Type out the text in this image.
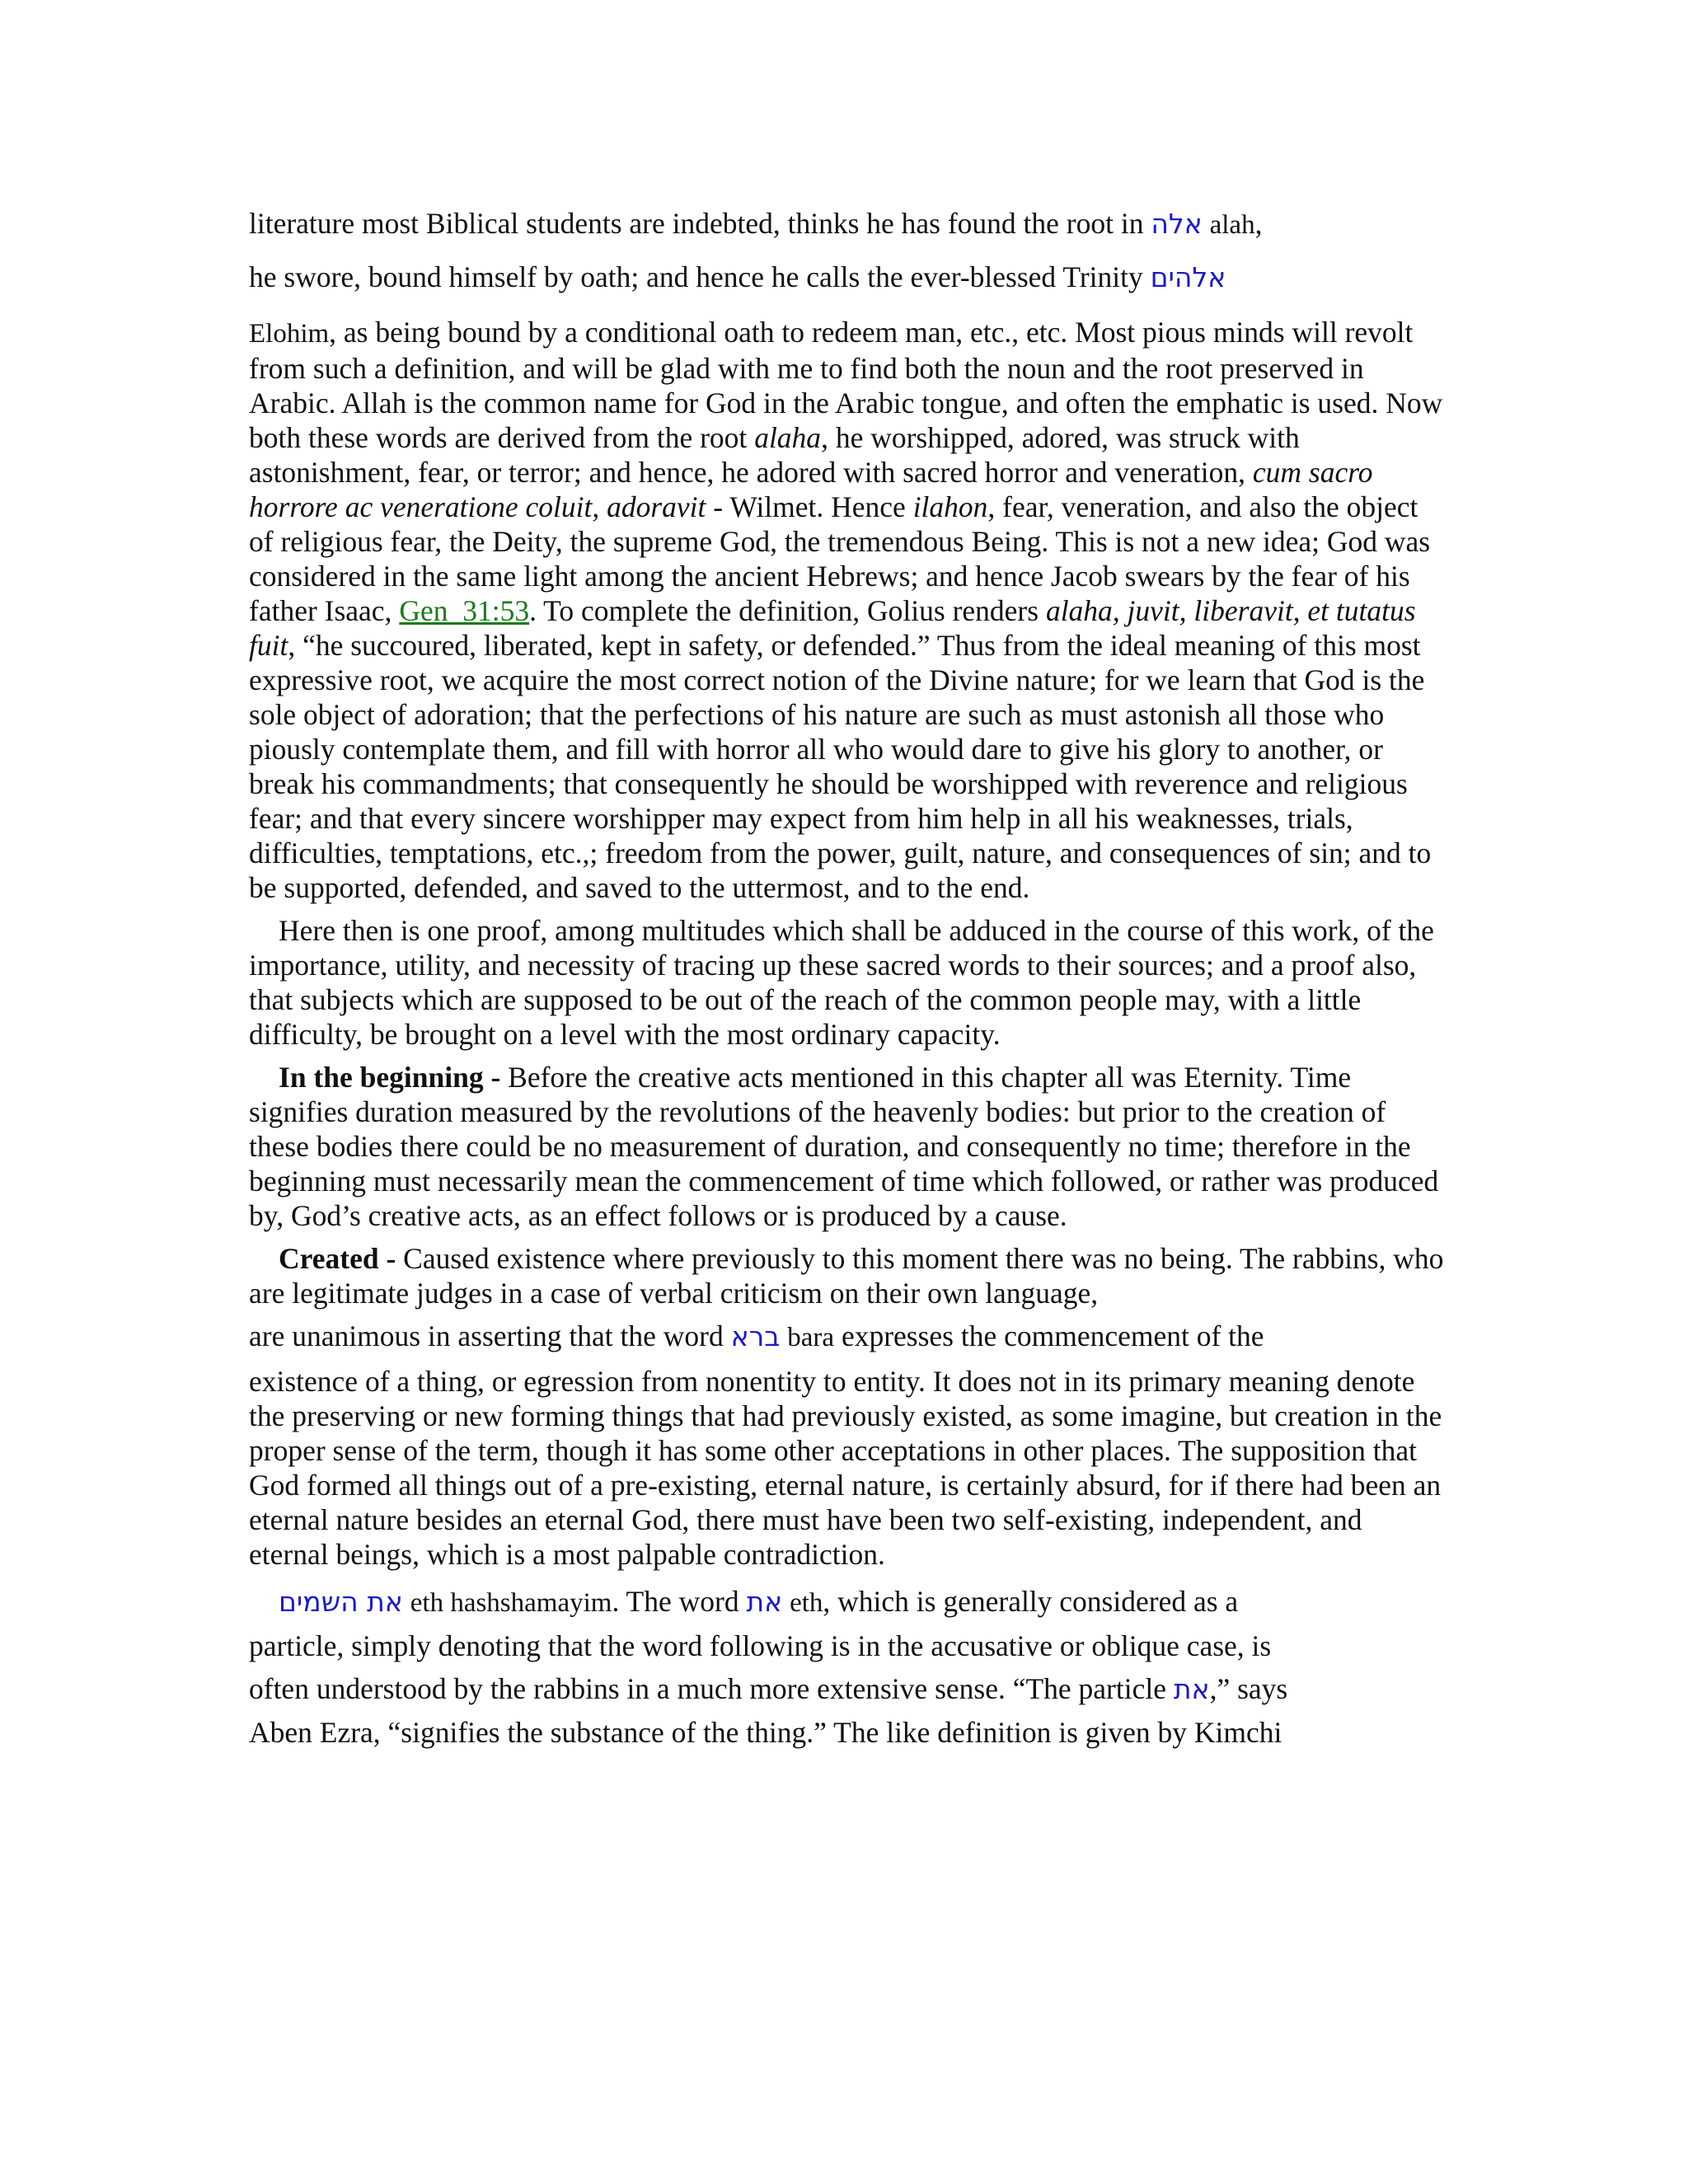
literature most Biblical students are indebted, thinks he has found the root in אלה alah,
he swore, bound himself by oath; and hence he calls the ever-blessed Trinity אלהים
Elohim, as being bound by a conditional oath to redeem man, etc., etc. Most pious minds will revolt from such a definition, and will be glad with me to find both the noun and the root preserved in Arabic. Allah is the common name for God in the Arabic tongue, and often the emphatic is used. Now both these words are derived from the root alaha, he worshipped, adored, was struck with astonishment, fear, or terror; and hence, he adored with sacred horror and veneration, cum sacro horrore ac veneratione coluit, adoravit - Wilmet. Hence ilahon, fear, veneration, and also the object of religious fear, the Deity, the supreme God, the tremendous Being. This is not a new idea; God was considered in the same light among the ancient Hebrews; and hence Jacob swears by the fear of his father Isaac, Gen_31:53. To complete the definition, Golius renders alaha, juvit, liberavit, et tutatus fuit, “he succoured, liberated, kept in safety, or defended.” Thus from the ideal meaning of this most expressive root, we acquire the most correct notion of the Divine nature; for we learn that God is the sole object of adoration; that the perfections of his nature are such as must astonish all those who piously contemplate them, and fill with horror all who would dare to give his glory to another, or break his commandments; that consequently he should be worshipped with reverence and religious fear; and that every sincere worshipper may expect from him help in all his weaknesses, trials, difficulties, temptations, etc.,; freedom from the power, guilt, nature, and consequences of sin; and to be supported, defended, and saved to the uttermost, and to the end.

Here then is one proof, among multitudes which shall be adduced in the course of this work, of the importance, utility, and necessity of tracing up these sacred words to their sources; and a proof also, that subjects which are supposed to be out of the reach of the common people may, with a little difficulty, be brought on a level with the most ordinary capacity.

In the beginning - Before the creative acts mentioned in this chapter all was Eternity. Time signifies duration measured by the revolutions of the heavenly bodies: but prior to the creation of these bodies there could be no measurement of duration, and consequently no time; therefore in the beginning must necessarily mean the commencement of time which followed, or rather was produced by, God’s creative acts, as an effect follows or is produced by a cause.

Created - Caused existence where previously to this moment there was no being. The rabbins, who are legitimate judges in a case of verbal criticism on their own language,

are unanimous in asserting that the word ברא bara expresses the commencement of the
existence of a thing, or egression from nonentity to entity. It does not in its primary meaning denote the preserving or new forming things that had previously existed, as some imagine, but creation in the proper sense of the term, though it has some other acceptations in other places. The supposition that God formed all things out of a pre-existing, eternal nature, is certainly absurd, for if there had been an eternal nature besides an eternal God, there must have been two self-existing, independent, and eternal beings, which is a most palpable contradiction.

את השמים eth hashshamayim. The word את eth, which is generally considered as a
particle, simply denoting that the word following is in the accusative or oblique case, is
often understood by the rabbins in a much more extensive sense. “The particle את,” says
Aben Ezra, “signifies the substance of the thing.” The like definition is given by Kimchi
